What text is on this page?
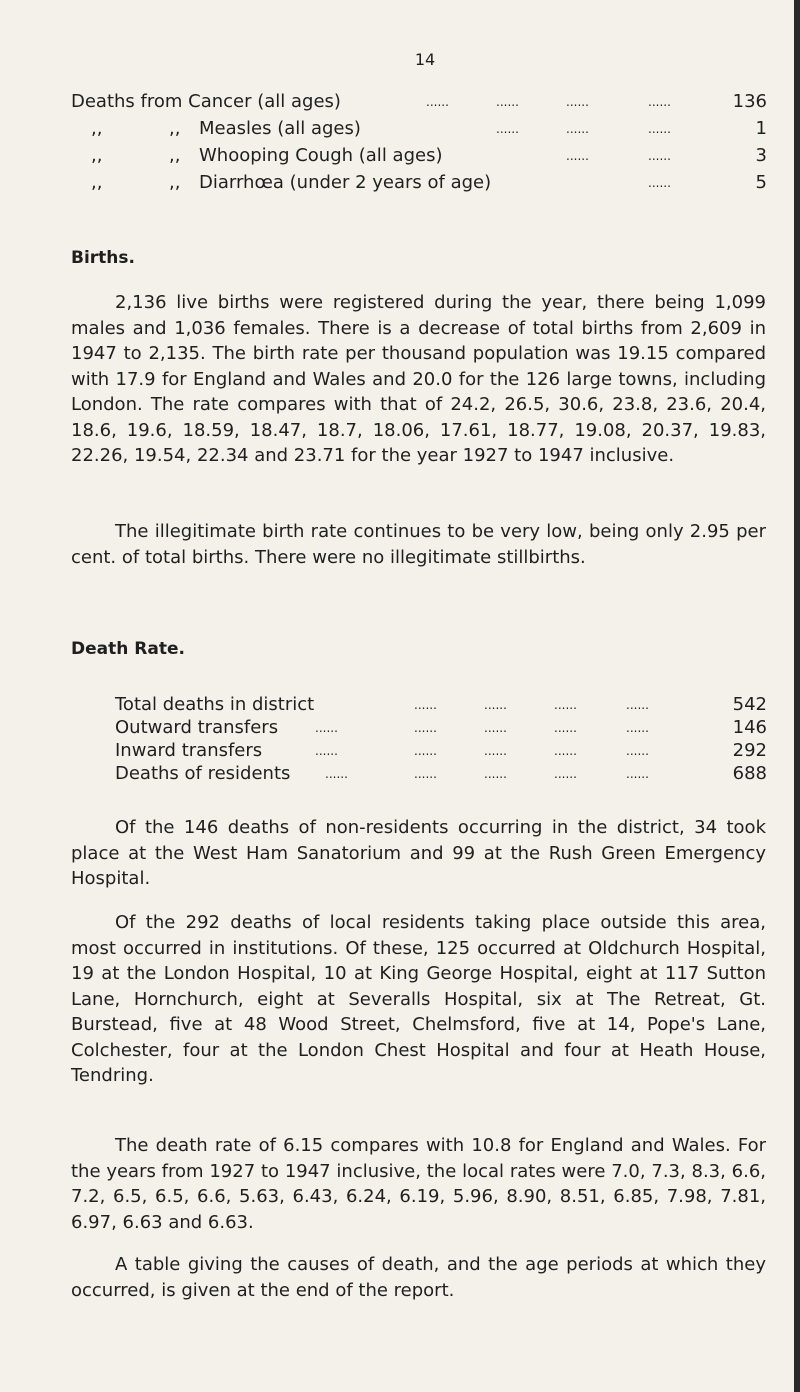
14
Deaths from Cancer (all ages)	......	......	......	......	136
,,	,,	Measles (all ages)	......	......	......	1
,,	,,	Whooping Cough (all ages)	......	......	3
,,	,,	Diarrhœa (under 2 years of age)	......	5
Births.

2,136 live births were registered during the year, there being 1,099 males and 1,036 females. There is a decrease of total births from 2,609 in 1947 to 2,135. The birth rate per thousand population was 19.15 compared with 17.9 for England and Wales and 20.0 for the 126 large towns, including London. The rate compares with that of 24.2, 26.5, 30.6, 23.8, 23.6, 20.4, 18.6, 19.6, 18.59, 18.47, 18.7, 18.06, 17.61, 18.77, 19.08, 20.37, 19.83, 22.26, 19.54, 22.34 and 23.71 for the year 1927 to 1947 inclusive.

The illegitimate birth rate continues to be very low, being only 2.95 per cent. of total births. There were no illegitimate stillbirths.

Death Rate.
Total deaths in district	......	......	......	......	542
Outward transfers	......	......	......	......	......	146
Inward transfers	......	......	......	......	......	292
Deaths of residents	......	......	......	......	......	688

Of the 146 deaths of non-residents occurring in the district, 34 took place at the West Ham Sanatorium and 99 at the Rush Green Emergency Hospital.

Of the 292 deaths of local residents taking place outside this area, most occurred in institutions. Of these, 125 occurred at Oldchurch Hospital, 19 at the London Hospital, 10 at King George Hospital, eight at 117 Sutton Lane, Hornchurch, eight at Severalls Hospital, six at The Retreat, Gt. Burstead, five at 48 Wood Street, Chelmsford, five at 14, Pope's Lane, Colchester, four at the London Chest Hospital and four at Heath House, Tendring.

The death rate of 6.15 compares with 10.8 for England and Wales. For the years from 1927 to 1947 inclusive, the local rates were 7.0, 7.3, 8.3, 6.6, 7.2, 6.5, 6.5, 6.6, 5.63, 6.43, 6.24, 6.19, 5.96, 8.90, 8.51, 6.85, 7.98, 7.81, 6.97, 6.63 and 6.63.

A table giving the causes of death, and the age periods at which they occurred, is given at the end of the report.
